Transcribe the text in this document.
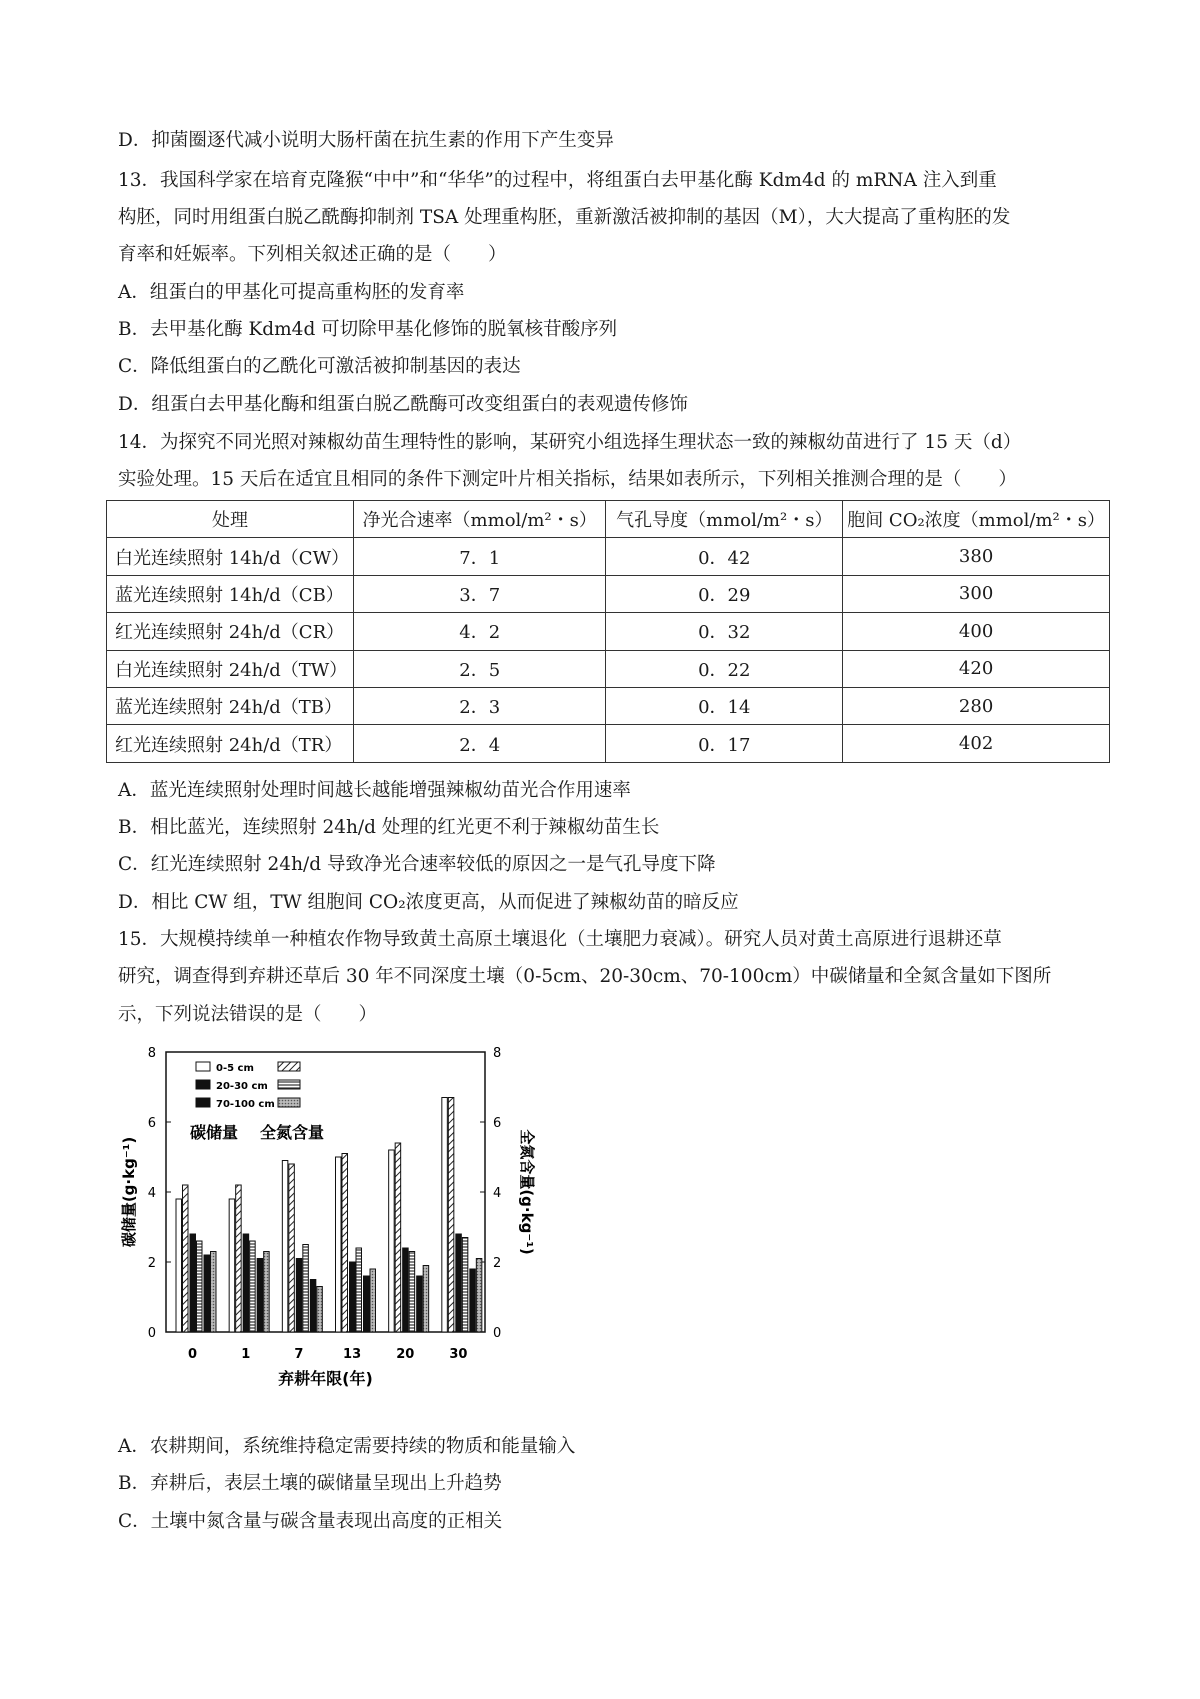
D．抑菌圈逐代减小说明大肠杆菌在抗生素的作用下产生变异

13．我国科学家在培育克隆猴“中中”和“华华”的过程中，将组蛋白去甲基化酶 Kdm4d 的 mRNA 注入到重

构胚，同时用组蛋白脱乙酰酶抑制剂 TSA 处理重构胚，重新激活被抑制的基因（M），大大提高了重构胚的发

育率和妊娠率。下列相关叙述正确的是（　　）

A．组蛋白的甲基化可提高重构胚的发育率

B．去甲基化酶 Kdm4d 可切除甲基化修饰的脱氧核苷酸序列

C．降低组蛋白的乙酰化可激活被抑制基因的表达

D．组蛋白去甲基化酶和组蛋白脱乙酰酶可改变组蛋白的表观遗传修饰

14．为探究不同光照对辣椒幼苗生理特性的影响，某研究小组选择生理状态一致的辣椒幼苗进行了 15 天（d）

实验处理。15 天后在适宜且相同的条件下测定叶片相关指标，结果如表所示，下列相关推测合理的是（　　）

处理	净光合速率（mmol/m²・s）	气孔导度（mmol/m²・s）	胞间 CO₂浓度（mmol/m²・s）
白光连续照射 14h/d（CW）	7．1	0．42	380
蓝光连续照射 14h/d（CB）	3．7	0．29	300
红光连续照射 24h/d（CR）	4．2	0．32	400
白光连续照射 24h/d（TW）	2．5	0．22	420
蓝光连续照射 24h/d（TB）	2．3	0．14	280
红光连续照射 24h/d（TR）	2．4	0．17	402

A．蓝光连续照射处理时间越长越能增强辣椒幼苗光合作用速率

B．相比蓝光，连续照射 24h/d 处理的红光更不利于辣椒幼苗生长

C．红光连续照射 24h/d 导致净光合速率较低的原因之一是气孔导度下降

D．相比 CW 组，TW 组胞间 CO₂浓度更高，从而促进了辣椒幼苗的暗反应

15．大规模持续单一种植农作物导致黄土高原土壤退化（土壤肥力衰减）。研究人员对黄土高原进行退耕还草

研究，调查得到弃耕还草后 30 年不同深度土壤（0-5cm、20-30cm、70-100cm）中碳储量和全氮含量如下图所

示，下列说法错误的是（　　）

0	0
2	2
4	4
6	6
8	8
0	1	7	13	20	30
0-5 cm
20-30 cm
70-100 cm
碳储量 全氮含量
碳储量(g·kg⁻¹)	全氮含量(g·kg⁻¹)
弃耕年限(年)

A．农耕期间，系统维持稳定需要持续的物质和能量输入

B．弃耕后，表层土壤的碳储量呈现出上升趋势

C．土壤中氮含量与碳含量表现出高度的正相关
